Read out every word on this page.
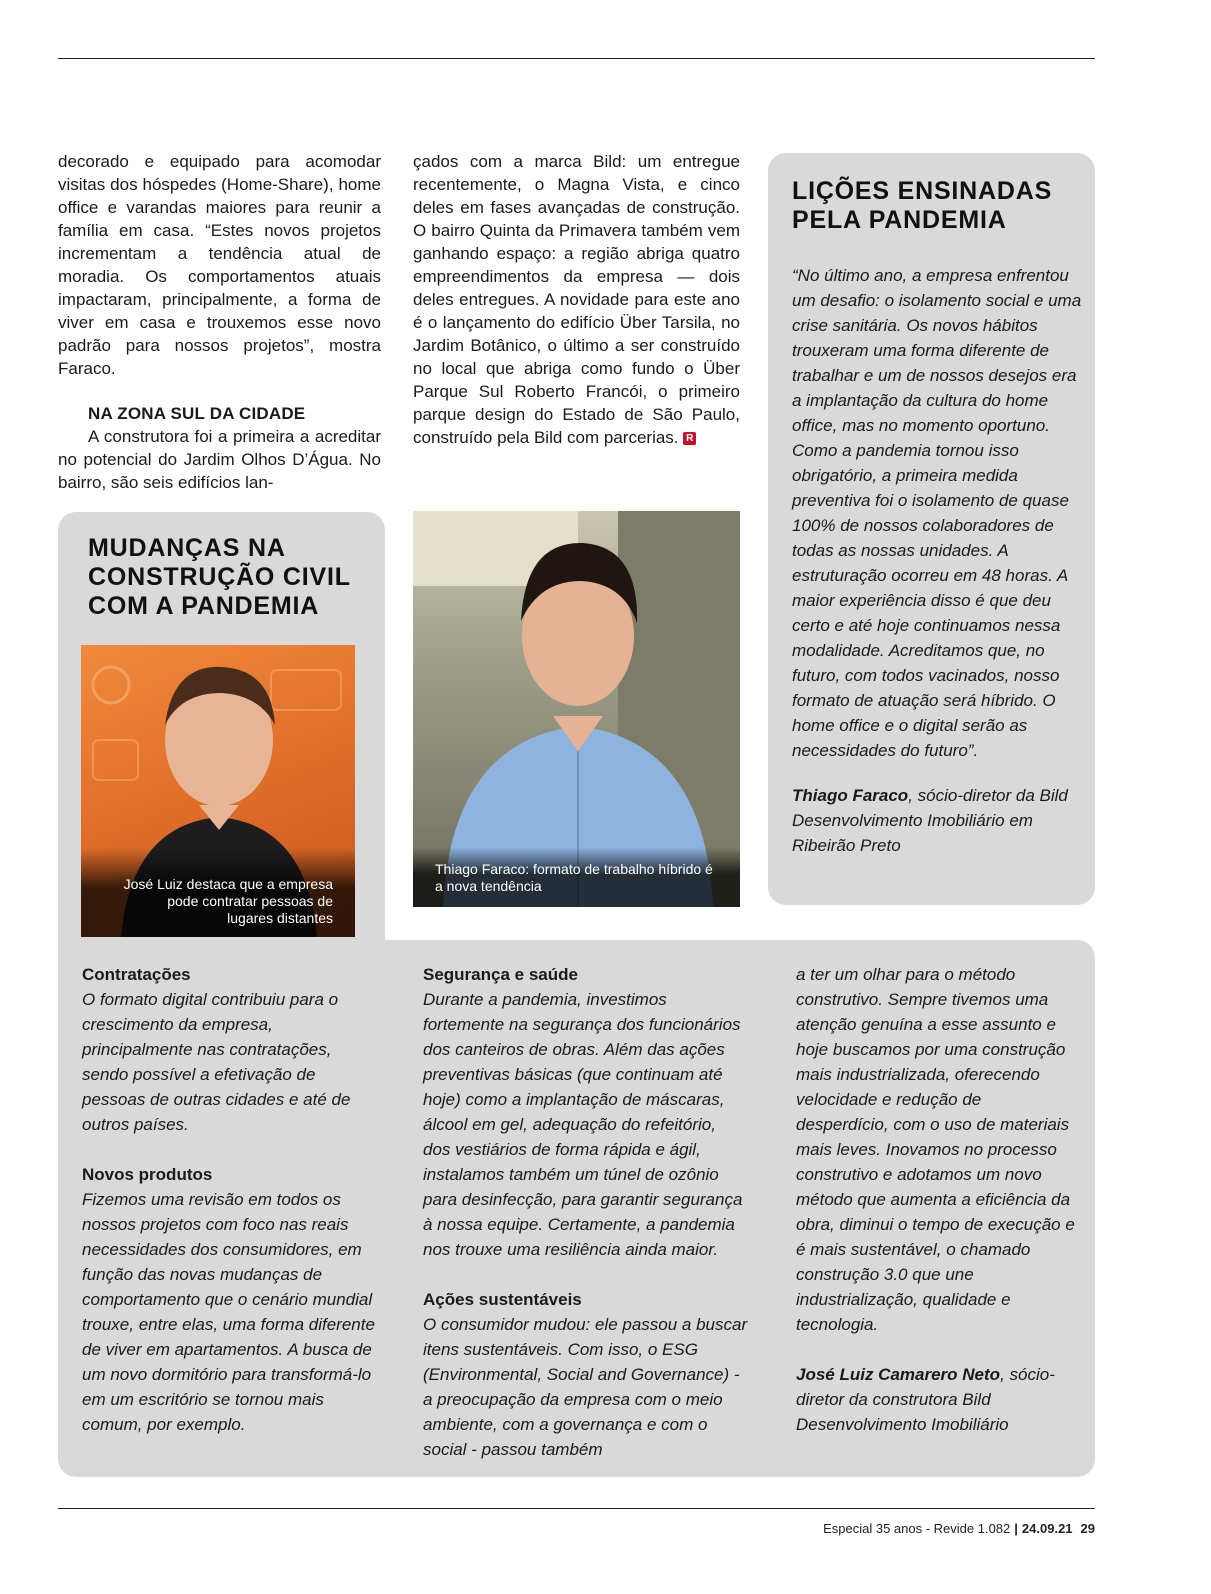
decorado e equipado para acomodar visitas dos hóspedes (Home-Share), home office e varandas maiores para reunir a família em casa. “Estes novos projetos incrementam a tendência atual de moradia. Os comportamentos atuais impactaram, principalmente, a forma de viver em casa e trouxemos esse novo padrão para nossos projetos”, mostra Faraco.

NA ZONA SUL DA CIDADE

A construtora foi a primeira a acreditar no potencial do Jardim Olhos D’Água. No bairro, são seis edifícios lan-

çados com a marca Bild: um entregue recentemente, o Magna Vista, e cinco deles em fases avançadas de construção. O bairro Quinta da Primavera também vem ganhando espaço: a região abriga quatro empreendimentos da empresa — dois deles entregues. A novidade para este ano é o lançamento do edifício Über Tarsila, no Jardim Botânico, o último a ser construído no local que abriga como fundo o Über Parque Sul Roberto Francói, o primeiro parque design do Estado de São Paulo, construído pela Bild com parcerias. R

LIÇÕES ENSINADAS PELA PANDEMIA

“No último ano, a empresa enfrentou um desafio: o isolamento social e uma crise sanitária. Os novos hábitos trouxeram uma forma diferente de trabalhar e um de nossos desejos era a implantação da cultura do home office, mas no momento oportuno. Como a pandemia tornou isso obrigatório, a primeira medida preventiva foi o isolamento de quase 100% de nossos colaboradores de todas as nossas unidades. A estruturação ocorreu em 48 horas. A maior experiência disso é que deu certo e até hoje continuamos nessa modalidade. Acreditamos que, no futuro, com todos vacinados, nosso formato de atuação será híbrido. O home office e o digital serão as necessidades do futuro”.

Thiago Faraco, sócio-diretor da Bild Desenvolvimento Imobiliário em Ribeirão Preto

MUDANÇAS NA CONSTRUÇÃO CIVIL COM A PANDEMIA
Contratações

O formato digital contribuiu para o crescimento da empresa, principalmente nas contratações, sendo possível a efetivação de pessoas de outras cidades e até de outros países.

Novos produtos

Fizemos uma revisão em todos os nossos projetos com foco nas reais necessidades dos consumidores, em função das novas mudanças de comportamento que o cenário mundial trouxe, entre elas, uma forma diferente de viver em apartamentos. A busca de um novo dormitório para transformá-lo em um escritório se tornou mais comum, por exemplo.

Segurança e saúde

Durante a pandemia, investimos fortemente na segurança dos funcionários dos canteiros de obras. Além das ações preventivas básicas (que continuam até hoje) como a implantação de máscaras, álcool em gel, adequação do refeitório, dos vestiários de forma rápida e ágil, instalamos também um túnel de ozônio para desinfecção, para garantir segurança à nossa equipe. Certamente, a pandemia nos trouxe uma resiliência ainda maior.

Ações sustentáveis

O consumidor mudou: ele passou a buscar itens sustentáveis. Com isso, o ESG (Environmental, Social and Governance) - a preocupação da empresa com o meio ambiente, com a governança e com o social - passou também

a ter um olhar para o método construtivo. Sempre tivemos uma atenção genuína a esse assunto e hoje buscamos por uma construção mais industrializada, oferecendo velocidade e redução de desperdício, com o uso de materiais mais leves. Inovamos no processo construtivo e adotamos um novo método que aumenta a eficiência da obra, diminui o tempo de execução e é mais sustentável, o chamado construção 3.0 que une industrialização, qualidade e tecnologia.

José Luiz Camarero Neto, sócio-diretor da construtora Bild Desenvolvimento Imobiliário

José Luiz destaca que a empresa pode contratar pessoas de lugares distantes
Thiago Faraco: formato de trabalho híbrido é a nova tendência
Especial 35 anos - Revide 1.082 | 24.09.21 29
